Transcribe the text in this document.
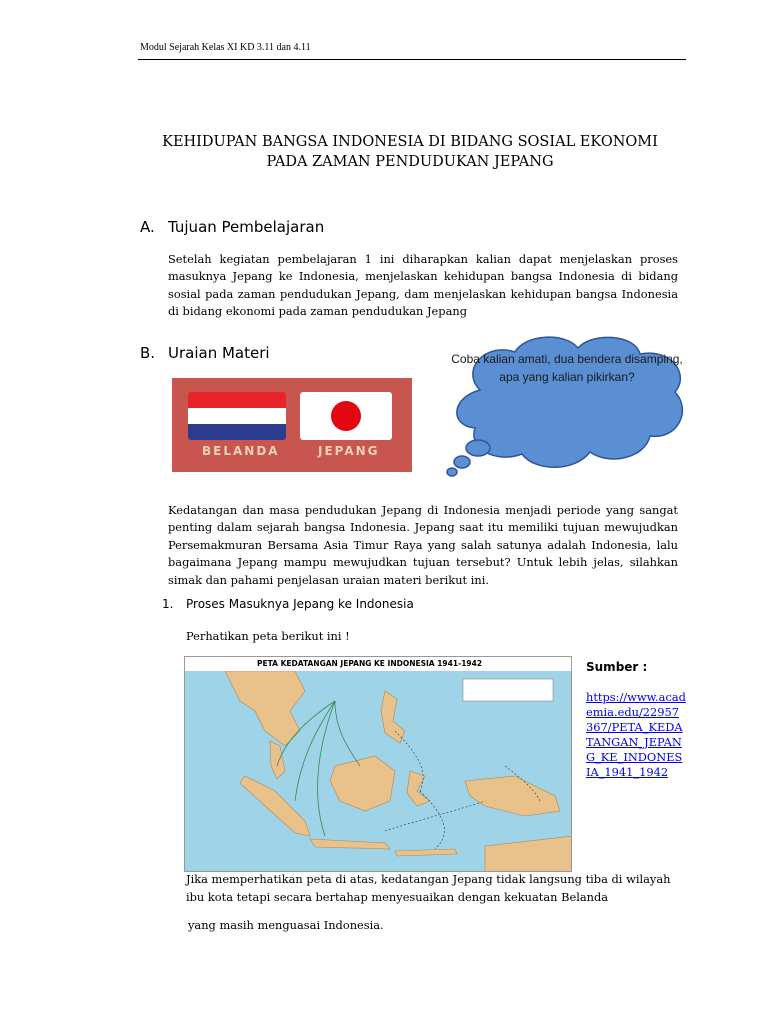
Modul Sejarah Kelas XI KD 3.11 dan 4.11
KEHIDUPAN BANGSA INDONESIA DI BIDANG SOSIAL EKONOMI
PADA ZAMAN PENDUDUKAN JEPANG
A. Tujuan Pembelajaran
Setelah kegiatan pembelajaran 1 ini diharapkan kalian dapat menjelaskan proses masuknya Jepang ke Indonesia, menjelaskan kehidupan bangsa Indonesia di bidang sosial pada zaman pendudukan Jepang, dam menjelaskan kehidupan bangsa Indonesia di bidang ekonomi pada zaman pendudukan Jepang
B. Uraian Materi
BELANDA	JEPANG
Coba kalian amati, dua bendera disamping, apa yang kalian pikirkan?
Kedatangan dan masa pendudukan Jepang di Indonesia menjadi periode yang sangat penting dalam sejarah bangsa Indonesia. Jepang saat itu memiliki tujuan mewujudkan Persemakmuran Bersama Asia Timur Raya yang salah satunya adalah Indonesia, lalu bagaimana Jepang mampu mewujudkan tujuan tersebut? Untuk lebih jelas, silahkan simak dan pahami penjelasan uraian materi berikut ini.
1. Proses Masuknya Jepang ke Indonesia
Perhatikan peta berikut ini !
PETA KEDATANGAN JEPANG KE INDONESIA 1941-1942	Sumber :
https://www.academia.edu/22957367/PETA_KEDATANGAN_JEPANG_KE_INDONESIA_1941_1942
Jika memperhatikan peta di atas, kedatangan Jepang tidak langsung tiba di wilayah ibu kota tetapi secara bertahap menyesuaikan dengan kekuatan Belanda
yang masih menguasai Indonesia.
